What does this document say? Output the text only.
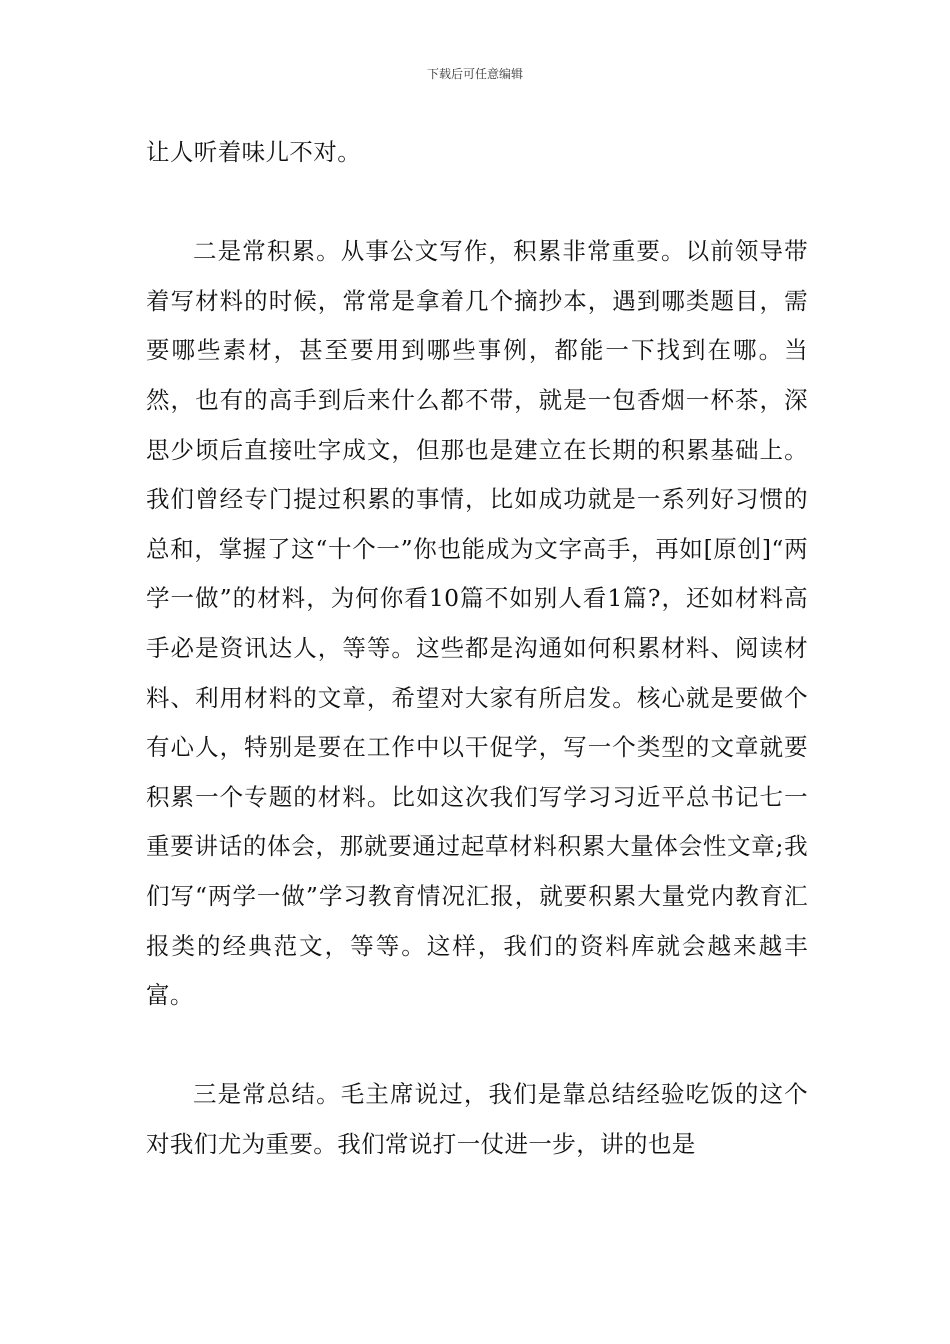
下载后可任意编辑

让人听着味儿不对。

二是常积累。从事公文写作，积累非常重要。以前领导带着写材料的时候，常常是拿着几个摘抄本，遇到哪类题目，需要哪些素材，甚至要用到哪些事例，都能一下找到在哪。当然，也有的高手到后来什么都不带，就是一包香烟一杯茶，深思少顷后直接吐字成文，但那也是建立在长期的积累基础上。我们曾经专门提过积累的事情，比如成功就是一系列好习惯的总和，掌握了这“十个一”你也能成为文字高手，再如[原创]“两学一做”的材料，为何你看10篇不如别人看1篇?，还如材料高手必是资讯达人，等等。这些都是沟通如何积累材料、阅读材料、利用材料的文章，希望对大家有所启发。核心就是要做个有心人，特别是要在工作中以干促学，写一个类型的文章就要积累一个专题的材料。比如这次我们写学习习近平总书记七一重要讲话的体会，那就要通过起草材料积累大量体会性文章;我们写“两学一做”学习教育情况汇报，就要积累大量党内教育汇报类的经典范文，等等。这样，我们的资料库就会越来越丰富。

三是常总结。毛主席说过，我们是靠总结经验吃饭的这个对我们尤为重要。我们常说打一仗进一步，讲的也是
